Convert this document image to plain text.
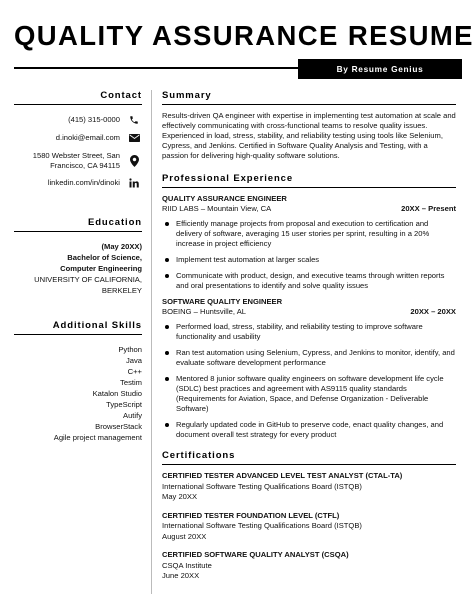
QUALITY ASSURANCE RESUME
By Resume Genius
Contact
(415) 315-0000
d.inoki@email.com
1580 Webster Street, San
Francisco, CA 94115
linkedin.com/in/dinoki
Education
(May 20XX)
Bachelor of Science,
Computer Engineering
UNIVERSITY OF CALIFORNIA,
BERKELEY
Additional Skills
Python
Java
C++
Testim
Katalon Studio
TypeScript
Autify
BrowserStack
Agile project management
Summary
Results-driven QA engineer with expertise in implementing test automation at scale and effectively communicating with cross-functional teams to resolve quality issues. Experienced in load, stress, stability, and reliability testing using tools like Selenium, Cypress, and Jenkins. Certified in Software Quality Analysis and Testing, with a passion for delivering high-quality software solutions.
Professional Experience
QUALITY ASSURANCE ENGINEER
RIID LABS – Mountain View, CA	20XX – Present
Efficiently manage projects from proposal and execution to certification and delivery of software, averaging 15 user stories per sprint, resulting in a 20% increase in project efficiency
Implement test automation at larger scales
Communicate with product, design, and executive teams through written reports and oral presentations to identify and solve quality issues
SOFTWARE QUALITY ENGINEER
BOEING – Huntsville, AL	20XX – 20XX
Performed load, stress, stability, and reliability testing to improve software functionality and usability
Ran test automation using Selenium, Cypress, and Jenkins to monitor, identify, and evaluate software development performance
Mentored 8 junior software quality engineers on software development life cycle (SDLC) best practices and agreement with AS9115 quality standards (Requirements for Aviation, Space, and Defense Organization - Deliverable Software)
Regularly updated code in GitHub to preserve code, enact quality changes, and document overall test strategy for every product
Certifications
CERTIFIED TESTER ADVANCED LEVEL TEST ANALYST (CTAL-TA)
International Software Testing Qualifications Board (ISTQB)
May 20XX
CERTIFIED TESTER FOUNDATION LEVEL (CTFL)
International Software Testing Qualifications Board (ISTQB)
August 20XX
CERTIFIED SOFTWARE QUALITY ANALYST (CSQA)
CSQA Institute
June 20XX
